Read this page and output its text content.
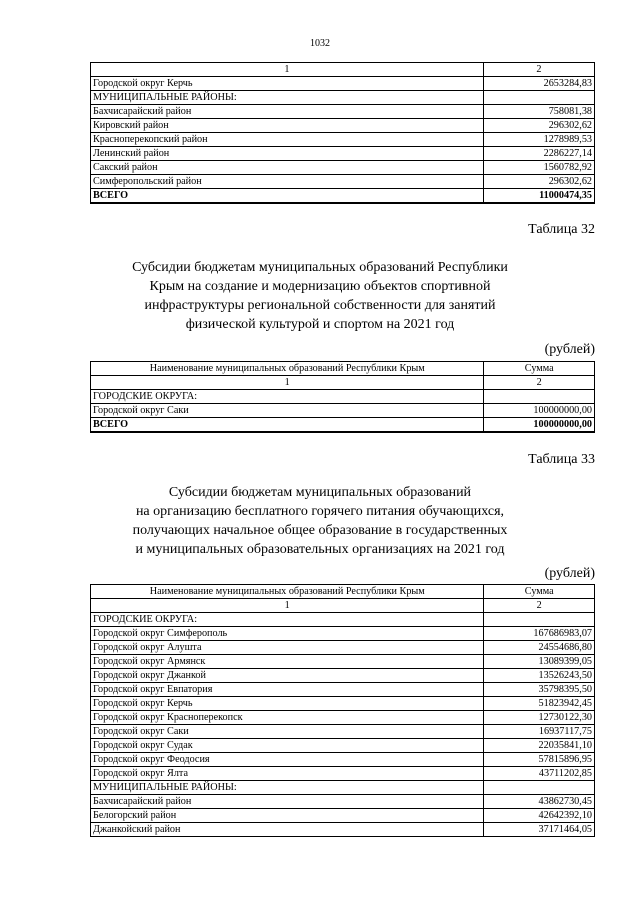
1032
1	2
Городской округ Керчь	2653284,83
МУНИЦИПАЛЬНЫЕ РАЙОНЫ:	
Бахчисарайский район	758081,38
Кировский район	296302,62
Красноперекопский район	1278989,53
Ленинский район	2286227,14
Сакский район	1560782,92
Симферопольский район	296302,62
ВСЕГО	11000474,35
Таблица 32
Субсидии бюджетам муниципальных образований Республики
Крым на создание и модернизацию объектов спортивной
инфраструктуры региональной собственности для занятий
физической культурой и спортом на 2021 год
(рублей)
Наименование муниципальных образований Республики Крым	Сумма
1	2
ГОРОДСКИЕ ОКРУГА:	
Городской округ Саки	100000000,00
ВСЕГО	100000000,00
Таблица 33
Субсидии бюджетам муниципальных образований
на организацию бесплатного горячего питания обучающихся,
получающих начальное общее образование в государственных
и муниципальных образовательных организациях на 2021 год
(рублей)
Наименование муниципальных образований Республики Крым	Сумма
1	2
ГОРОДСКИЕ ОКРУГА:	
Городской округ Симферополь	167686983,07
Городской округ Алушта	24554686,80
Городской округ Армянск	13089399,05
Городской округ Джанкой	13526243,50
Городской округ Евпатория	35798395,50
Городской округ Керчь	51823942,45
Городской округ Красноперекопск	12730122,30
Городской округ Саки	16937117,75
Городской округ Судак	22035841,10
Городской округ Феодосия	57815896,95
Городской округ Ялта	43711202,85
МУНИЦИПАЛЬНЫЕ РАЙОНЫ:	
Бахчисарайский район	43862730,45
Белогорский район	42642392,10
Джанкойский район	37171464,05
